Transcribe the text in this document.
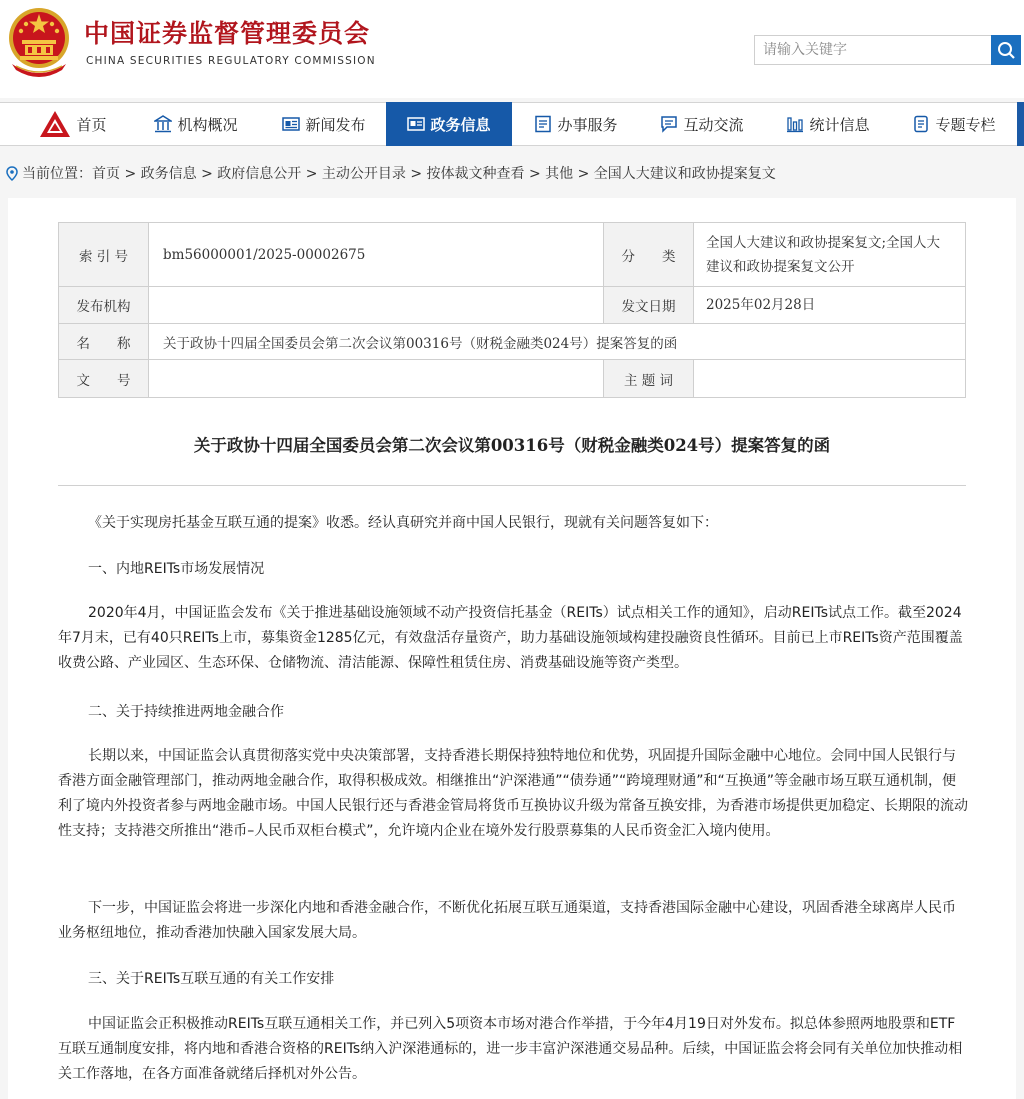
中国证券监督管理委员会
CHINA SECURITIES REGULATORY COMMISSION
请输入关键字
首页	机构概况	新闻发布	政务信息	办事服务	互动交流	统计信息	专题专栏
当前位置： 首页 > 政务信息 > 政府信息公开 > 主动公开目录 > 按体裁文种查看 > 其他 > 全国人大建议和政协提案复文
索 引 号	bm56000001/2025-00002675	分　　类	全国人大建议和政协提案复文;全国人大建议和政协提案复文公开
发布机构		发文日期	2025年02月28日
名　　称	关于政协十四届全国委员会第二次会议第00316号（财税金融类024号）提案答复的函		
文　　号		主 题 词	
关于政协十四届全国委员会第二次会议第00316号（财税金融类024号）提案答复的函

《关于实现房托基金互联互通的提案》收悉。经认真研究并商中国人民银行，现就有关问题答复如下：

一、内地REITs市场发展情况

2020年4月，中国证监会发布《关于推进基础设施领域不动产投资信托基金（REITs）试点相关工作的通知》，启动REITs试点工作。截至2024年7月末，已有40只REITs上市，募集资金1285亿元，有效盘活存量资产，助力基础设施领域构建投融资良性循环。目前已上市REITs资产范围覆盖收费公路、产业园区、生态环保、仓储物流、清洁能源、保障性租赁住房、消费基础设施等资产类型。

二、关于持续推进两地金融合作

长期以来，中国证监会认真贯彻落实党中央决策部署，支持香港长期保持独特地位和优势，巩固提升国际金融中心地位。会同中国人民银行与香港方面金融管理部门，推动两地金融合作，取得积极成效。相继推出“沪深港通”“债券通”“跨境理财通”和“互换通”等金融市场互联互通机制，便利了境内外投资者参与两地金融市场。中国人民银行还与香港金管局将货币互换协议升级为常备互换安排，为香港市场提供更加稳定、长期限的流动性支持；支持港交所推出“港币–人民币双柜台模式”，允许境内企业在境外发行股票募集的人民币资金汇入境内使用。

下一步，中国证监会将进一步深化内地和香港金融合作，不断优化拓展互联互通渠道，支持香港国际金融中心建设，巩固香港全球离岸人民币业务枢纽地位，推动香港加快融入国家发展大局。

三、关于REITs互联互通的有关工作安排

中国证监会正积极推动REITs互联互通相关工作，并已列入5项资本市场对港合作举措，于今年4月19日对外发布。拟总体参照两地股票和ETF互联互通制度安排，将内地和香港合资格的REITs纳入沪深港通标的，进一步丰富沪深港通交易品种。后续，中国证监会将会同有关单位加快推动相关工作落地，在各方面准备就绪后择机对外公告。
